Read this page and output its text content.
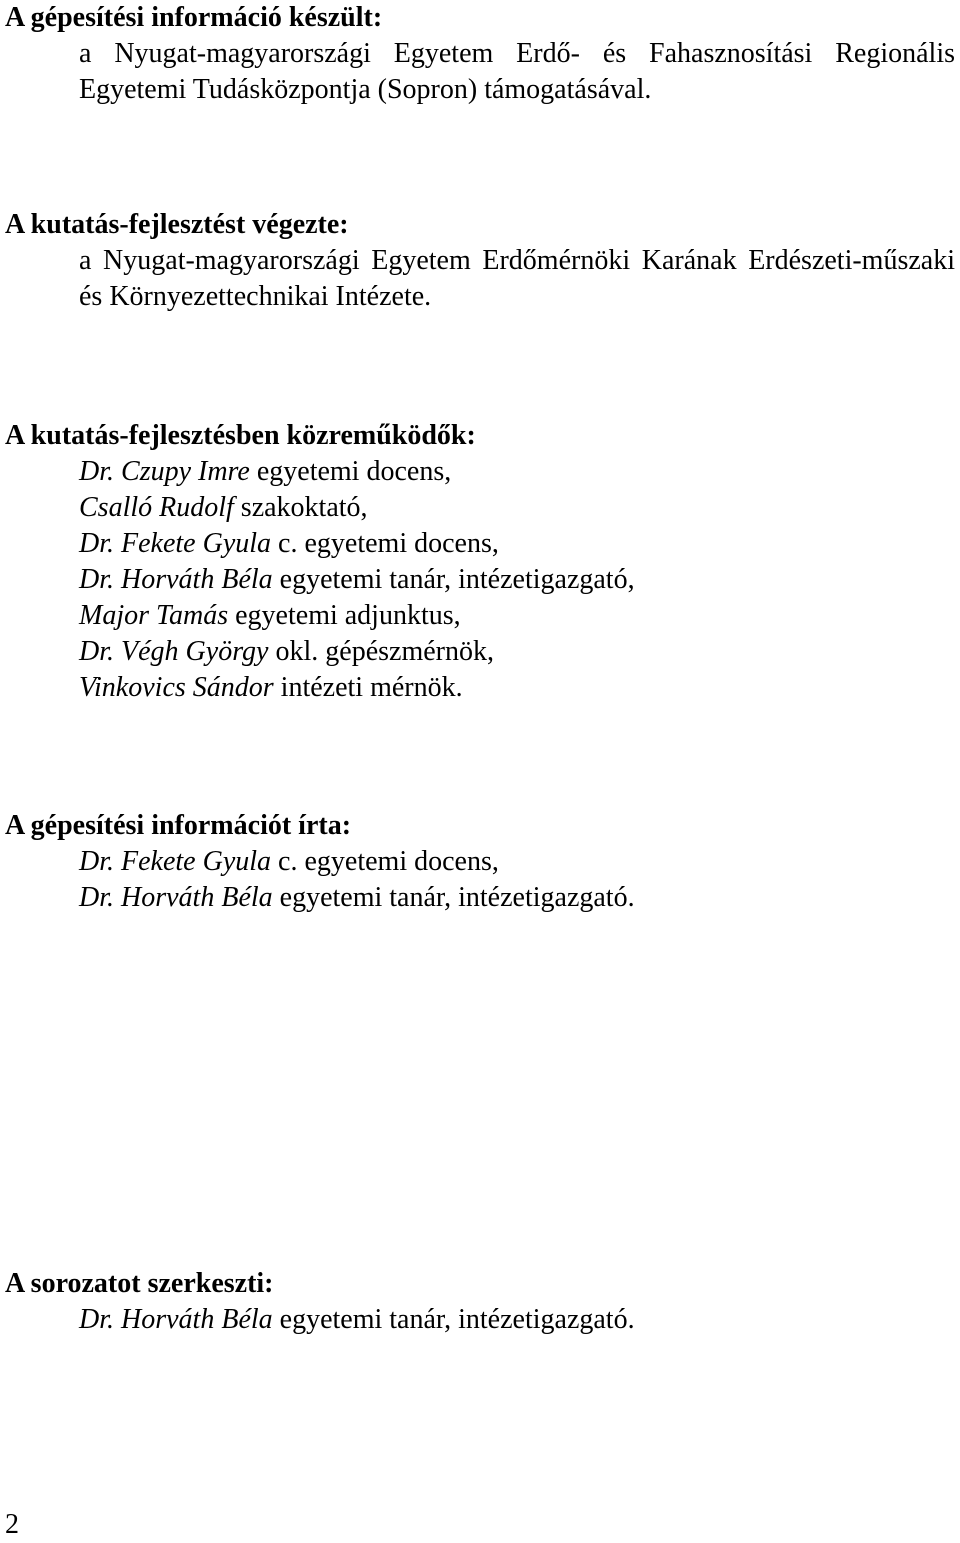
A gépesítési információ készült:
a Nyugat-magyarországi Egyetem Erdő- és Fahasznosítási Regionális Egyetemi Tudásközpontja (Sopron) támogatásával.
A kutatás-fejlesztést végezte:
a Nyugat-magyarországi Egyetem Erdőmérnöki Karának Erdészeti-műszaki és Környezettechnikai Intézete.
A kutatás-fejlesztésben közreműködők:
Dr. Czupy Imre egyetemi docens,
Csalló Rudolf szakoktató,
Dr. Fekete Gyula c. egyetemi docens,
Dr. Horváth Béla egyetemi tanár, intézetigazgató,
Major Tamás egyetemi adjunktus,
Dr. Végh György okl. gépészmérnök,
Vinkovics Sándor intézeti mérnök.
A gépesítési információt írta:
Dr. Fekete Gyula c. egyetemi docens,
Dr. Horváth Béla egyetemi tanár, intézetigazgató.
A sorozatot szerkeszti:
Dr. Horváth Béla egyetemi tanár, intézetigazgató.
2
